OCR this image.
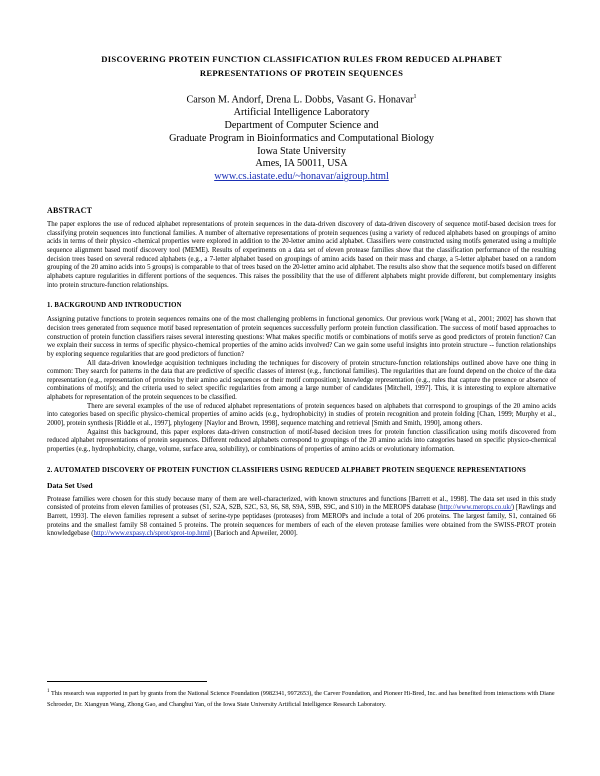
DISCOVERING PROTEIN FUNCTION CLASSIFICATION RULES FROM REDUCED ALPHABET REPRESENTATIONS OF PROTEIN SEQUENCES
Carson M. Andorf, Drena L. Dobbs, Vasant G. Honavar$^1$
Artificial Intelligence Laboratory
Department of Computer Science and
Graduate Program in Bioinformatics and Computational Biology
Iowa State University
Ames, IA 50011, USA
www.cs.iastate.edu/~honavar/aigroup.html
ABSTRACT
The paper explores the use of reduced alphabet representations of protein sequences in the data-driven discovery of data-driven discovery of sequence motif-based decision trees for classifying protein sequences into functional families. A number of alternative representations of protein sequences (using a variety of reduced alphabets based on groupings of amino acids in terms of their physico -chemical properties were explored in addition to the 20-letter amino acid alphabet. Classifiers were constructed using motifs generated using a multiple sequence alignment based motif discovery tool (MEME). Results of experiments on a data set of eleven protease families show that the classification performance of the resulting decision trees based on several reduced alphabets (e.g., a 7-letter alphabet based on groupings of amino acids based on their mass and charge, a 5-letter alphabet based on a random grouping of the 20 amino acids into 5 groups) is comparable to that of trees based on the 20-letter amino acid alphabet. The results also show that the sequence motifs based on different alphabets capture regularities in different portions of the sequences. This raises the possibility that the use of different alphabets might provide different, but complementary insights into protein structure-function relationships.
1. BACKGROUND AND INTRODUCTION
Assigning putative functions to protein sequences remains one of the most challenging problems in functional genomics. Our previous work [Wang et al., 2001; 2002] has shown that decision trees generated from sequence motif based representation of protein sequences successfully perform protein function classification. The success of motif based approaches to construction of protein function classifiers raises several interesting questions: What makes specific motifs or combinations of motifs serve as good predictors of protein function? Can we explain their success in terms of specific physico-chemical properties of the amino acids involved? Can we gain some useful insights into protein structure -- function relationships by exploring sequence regularities that are good predictors of function?
All data-driven knowledge acquisition techniques including the techniques for discovery of protein structure-function relationships outlined above have one thing in common: They search for patterns in the data that are predictive of specific classes of interest (e.g., functional families). The regularities that are found depend on the choice of the data representation (e.g., representation of proteins by their amino acid sequences or their motif composition); knowledge representation (e.g., rules that capture the presence or absence of combinations of motifs); and the criteria used to select specific regularities from among a large number of candidates [Mitchell, 1997]. This, it is interesting to explore alternative alphabets for representation of the protein sequences to be classified.
There are several examples of the use of reduced alphabet representations of protein sequences based on alphabets that correspond to groupings of the 20 amino acids into categories based on specific physico-chemical properties of amino acids (e.g., hydrophobicity) in studies of protein recognition and protein folding [Chan, 1999; Murphy et al., 2000], protein synthesis [Riddle et al., 1997], phylogeny [Naylor and Brown, 1998], sequence matching and retrieval [Smith and Smith, 1990], among others.
Against this background, this paper explores data-driven construction of motif-based decision trees for protein function classification using motifs discovered from reduced alphabet representations of protein sequences. Different reduced alphabets correspond to groupings of the 20 amino acids into categories based on specific physico-chemical properties (e.g., hydrophobicity, charge, volume, surface area, solubility), or combinations of properties of amino acids or evolutionary information.
2. AUTOMATED DISCOVERY OF PROTEIN FUNCTION CLASSIFIERS USING REDUCED ALPHABET PROTEIN SEQUENCE REPRESENTATIONS
Data Set Used
Protease families were chosen for this study because many of them are well-characterized, with known structures and functions [Barrett et al., 1998]. The data set used in this study consisted of proteins from eleven families of proteases (S1, S2A, S2B, S2C, S3, S6, S8, S9A, S9B, S9C, and S10) in the MEROPS database (http://www.merops.co.uk/) [Rawlings and Barrett, 1993]. The eleven families represent a subset of serine-type peptidases (proteases) from MEROPs and include a total of 206 proteins. The largest family, S1, contained 66 proteins and the smallest family S8 contained 5 proteins. The protein sequences for members of each of the eleven protease families were obtained from the SWISS-PROT protein knowledgebase (http://www.expasy.ch/sprot/sprot-top.html) [Barioch and Apweiler, 2000].
$^1$ This research was supported in part by grants from the National Science Foundation (9982341, 9972653), the Carver Foundation, and Pioneer Hi-Bred, Inc. and has benefited from interactions with Diane Schroeder, Dr. Xiangyun Wang, Zhong Gao, and Changhui Yan, of the Iowa State University Artificial Intelligence Research Laboratory.
